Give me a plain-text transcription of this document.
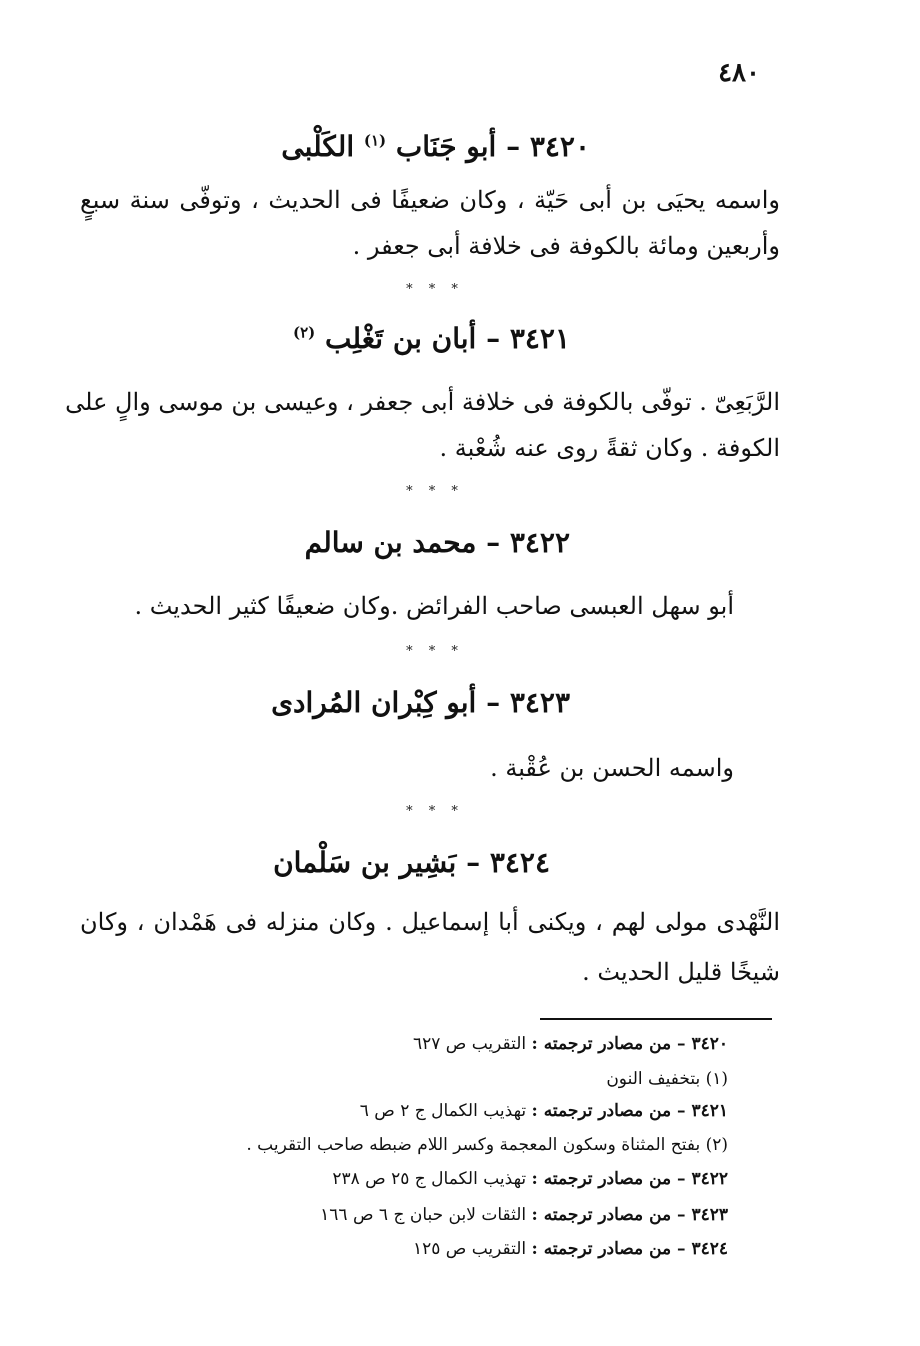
٤٨٠
٣٤٢٠ – أبو جَنَاب $^{(١)}$ الكَلْبى
واسمه يحيَى بن أبى حَيّة ، وكان ضعيفًا فى الحديث ، وتوفّى سنة سبعٍ
وأربعين ومائة بالكوفة فى خلافة أبى جعفر .
* * *
٣٤٢١ – أبان بن تَغْلِب $^{(٢)}$
الرَّبَعِىّ . توفّى بالكوفة فى خلافة أبى جعفر ، وعيسى بن موسى والٍ على
الكوفة . وكان ثقةً روى عنه شُعْبة .
* * *
٣٤٢٢ – محمد بن سالم
أبو سهل العبسى صاحب الفرائض .وكان ضعيفًا كثير الحديث .
* * *
٣٤٢٣ – أبو كِبْران المُرادى
واسمه الحسن بن عُقْبة .
* * *
٣٤٢٤ – بَشِير بن سَلْمان
النَّهْدى مولى لهم ، ويكنى أبا إسماعيل . وكان منزله فى هَمْدان ، وكان
شيخًا قليل الحديث .
٣٤٢٠ – من مصادر ترجمته : التقريب ص ٦٢٧
(١) بتخفيف النون
٣٤٢١ – من مصادر ترجمته : تهذيب الكمال ج ٢ ص ٦
(٢) بفتح المثناة وسكون المعجمة وكسر اللام ضبطه صاحب التقريب .
٣٤٢٢ – من مصادر ترجمته : تهذيب الكمال ج ٢٥ ص ٢٣٨
٣٤٢٣ – من مصادر ترجمته : الثقات لابن حبان ج ٦ ص ١٦٦
٣٤٢٤ – من مصادر ترجمته : التقريب ص ١٢٥
